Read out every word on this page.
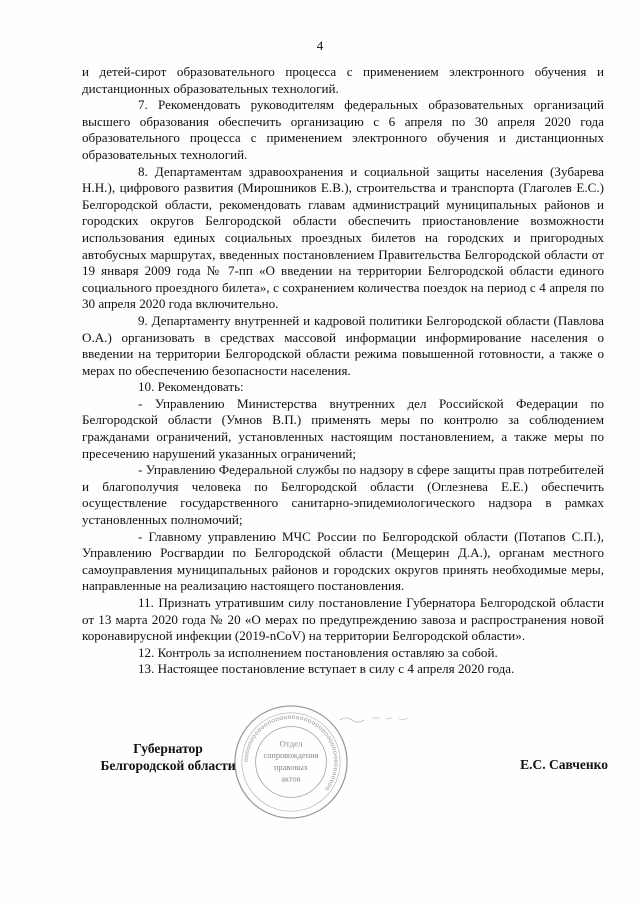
4

и детей-сирот образовательного процесса с применением электронного обучения и дистанционных образовательных технологий.

7. Рекомендовать руководителям федеральных образовательных организаций высшего образования обеспечить организацию с 6 апреля по 30 апреля 2020 года образовательного процесса с применением электронного обучения и дистанционных образовательных технологий.

8. Департаментам здравоохранения и социальной защиты населения (Зубарева Н.Н.), цифрового развития (Мирошников Е.В.), строительства и транспорта (Глаголев Е.С.) Белгородской области, рекомендовать главам администраций муниципальных районов и городских округов Белгородской области обеспечить приостановление возможности использования единых социальных проездных билетов на городских и пригородных автобусных маршрутах, введенных постановлением Правительства Белгородской области от 19 января 2009 года № 7-пп «О введении на территории Белгородской области единого социального проездного билета», с сохранением количества поездок на период с 4 апреля по 30 апреля 2020 года включительно.

9. Департаменту внутренней и кадровой политики Белгородской области (Павлова О.А.) организовать в средствах массовой информации информирование населения о введении на территории Белгородской области режима повышенной готовности, а также о мерах по обеспечению безопасности населения.

10. Рекомендовать:

- Управлению Министерства внутренних дел Российской Федерации по Белгородской области (Умнов В.П.) применять меры по контролю за соблюдением гражданами ограничений, установленных настоящим постановлением, а также меры по пресечению нарушений указанных ограничений;

- Управлению Федеральной службы по надзору в сфере защиты прав потребителей и благополучия человека по Белгородской области (Оглезнева Е.Е.) обеспечить осуществление государственного санитарно-эпидемиологического надзора в рамках установленных полномочий;

- Главному управлению МЧС России по Белгородской области (Потапов С.П.), Управлению Росгвардии по Белгородской области (Мещерин Д.А.), органам местного самоуправления муниципальных районов и городских округов принять необходимые меры, направленные на реализацию настоящего постановления.

11. Признать утратившим силу постановление Губернатора Белгородской области от 13 марта 2020 года № 20 «О мерах по предупреждению завоза и распространения новой коронавирусной инфекции (2019-nCoV) на территории Белгородской области».

12. Контроль за исполнением постановления оставляю за собой.

13. Настоящее постановление вступает в силу с 4 апреля 2020 года.

ооооооооооооооооооооооооооооооооооооооооо
Отдел
сопровождения
правовых
актов
Губернатор
Белгородской области	Е.С. Савченко
